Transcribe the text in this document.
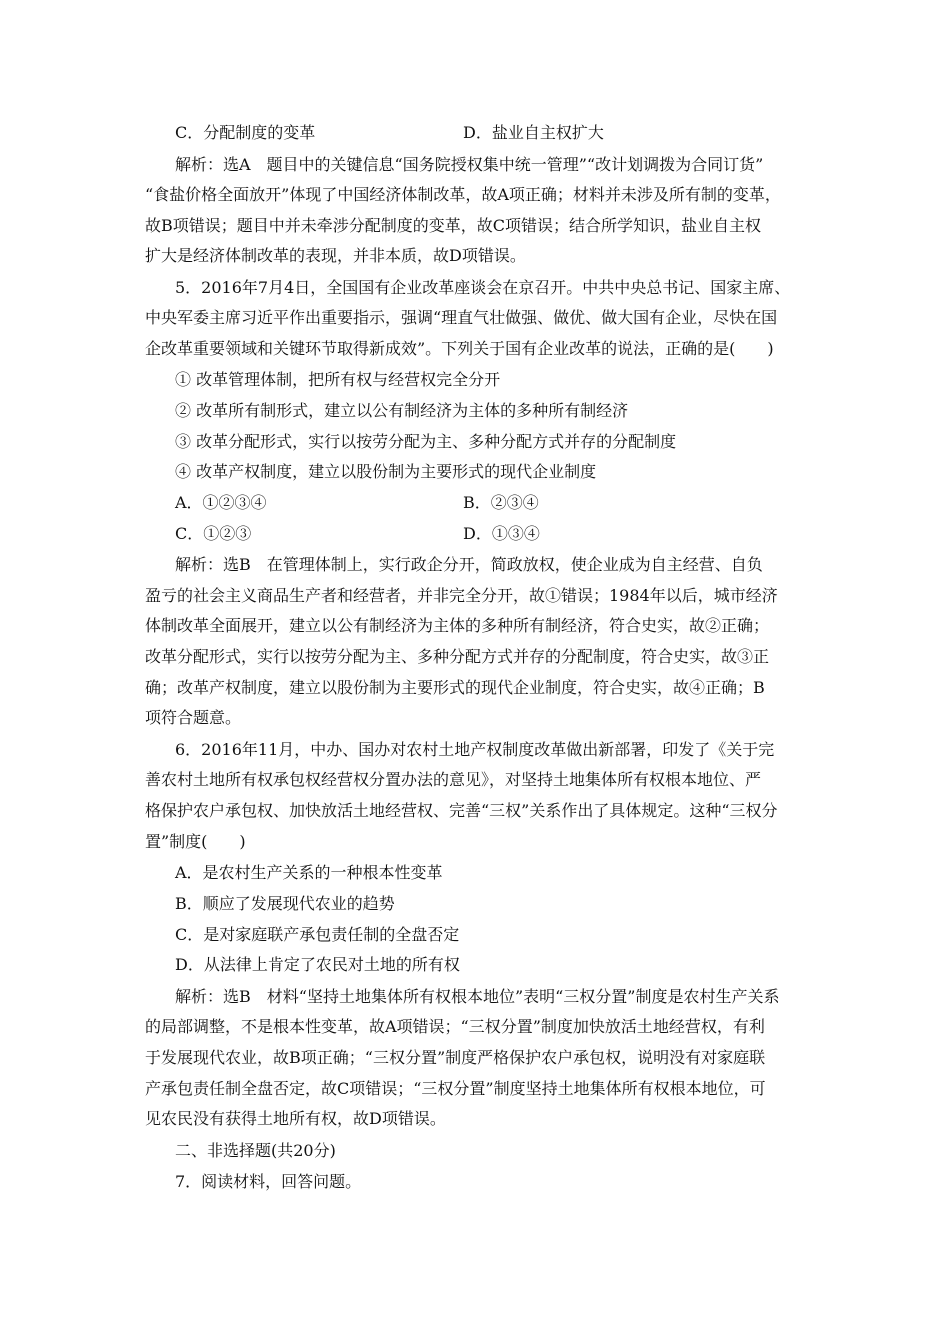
C．分配制度的变革	D．盐业自主权扩大
解析：选A　题目中的关键信息“国务院授权集中统一管理”“改计划调拨为合同订货”
“食盐价格全面放开”体现了中国经济体制改革，故A项正确；材料并未涉及所有制的变革，
故B项错误；题目中并未牵涉分配制度的变革，故C项错误；结合所学知识，盐业自主权
扩大是经济体制改革的表现，并非本质，故D项错误。
5．2016年7月4日，全国国有企业改革座谈会在京召开。中共中央总书记、国家主席、
中央军委主席习近平作出重要指示，强调“理直气壮做强、做优、做大国有企业，尽快在国
企改革重要领域和关键环节取得新成效”。下列关于国有企业改革的说法，正确的是(　　)
① 改革管理体制，把所有权与经营权完全分开
② 改革所有制形式，建立以公有制经济为主体的多种所有制经济
③ 改革分配形式，实行以按劳分配为主、多种分配方式并存的分配制度
④ 改革产权制度，建立以股份制为主要形式的现代企业制度
A．①②③④	B．②③④
C．①②③	D．①③④
解析：选B　在管理体制上，实行政企分开，简政放权，使企业成为自主经营、自负
盈亏的社会主义商品生产者和经营者，并非完全分开，故①错误；1984年以后，城市经济
体制改革全面展开，建立以公有制经济为主体的多种所有制经济，符合史实，故②正确；
改革分配形式，实行以按劳分配为主、多种分配方式并存的分配制度，符合史实，故③正
确；改革产权制度，建立以股份制为主要形式的现代企业制度，符合史实，故④正确；B
项符合题意。
6．2016年11月，中办、国办对农村土地产权制度改革做出新部署，印发了《关于完
善农村土地所有权承包权经营权分置办法的意见》，对坚持土地集体所有权根本地位、严
格保护农户承包权、加快放活土地经营权、完善“三权”关系作出了具体规定。这种“三权分
置”制度(　　)
A．是农村生产关系的一种根本性变革
B．顺应了发展现代农业的趋势
C．是对家庭联产承包责任制的全盘否定
D．从法律上肯定了农民对土地的所有权
解析：选B　材料“坚持土地集体所有权根本地位”表明“三权分置”制度是农村生产关系
的局部调整，不是根本性变革，故A项错误；“三权分置”制度加快放活土地经营权，有利
于发展现代农业，故B项正确；“三权分置”制度严格保护农户承包权，说明没有对家庭联
产承包责任制全盘否定，故C项错误；“三权分置”制度坚持土地集体所有权根本地位，可
见农民没有获得土地所有权，故D项错误。
二、非选择题(共20分)
7．阅读材料，回答问题。
